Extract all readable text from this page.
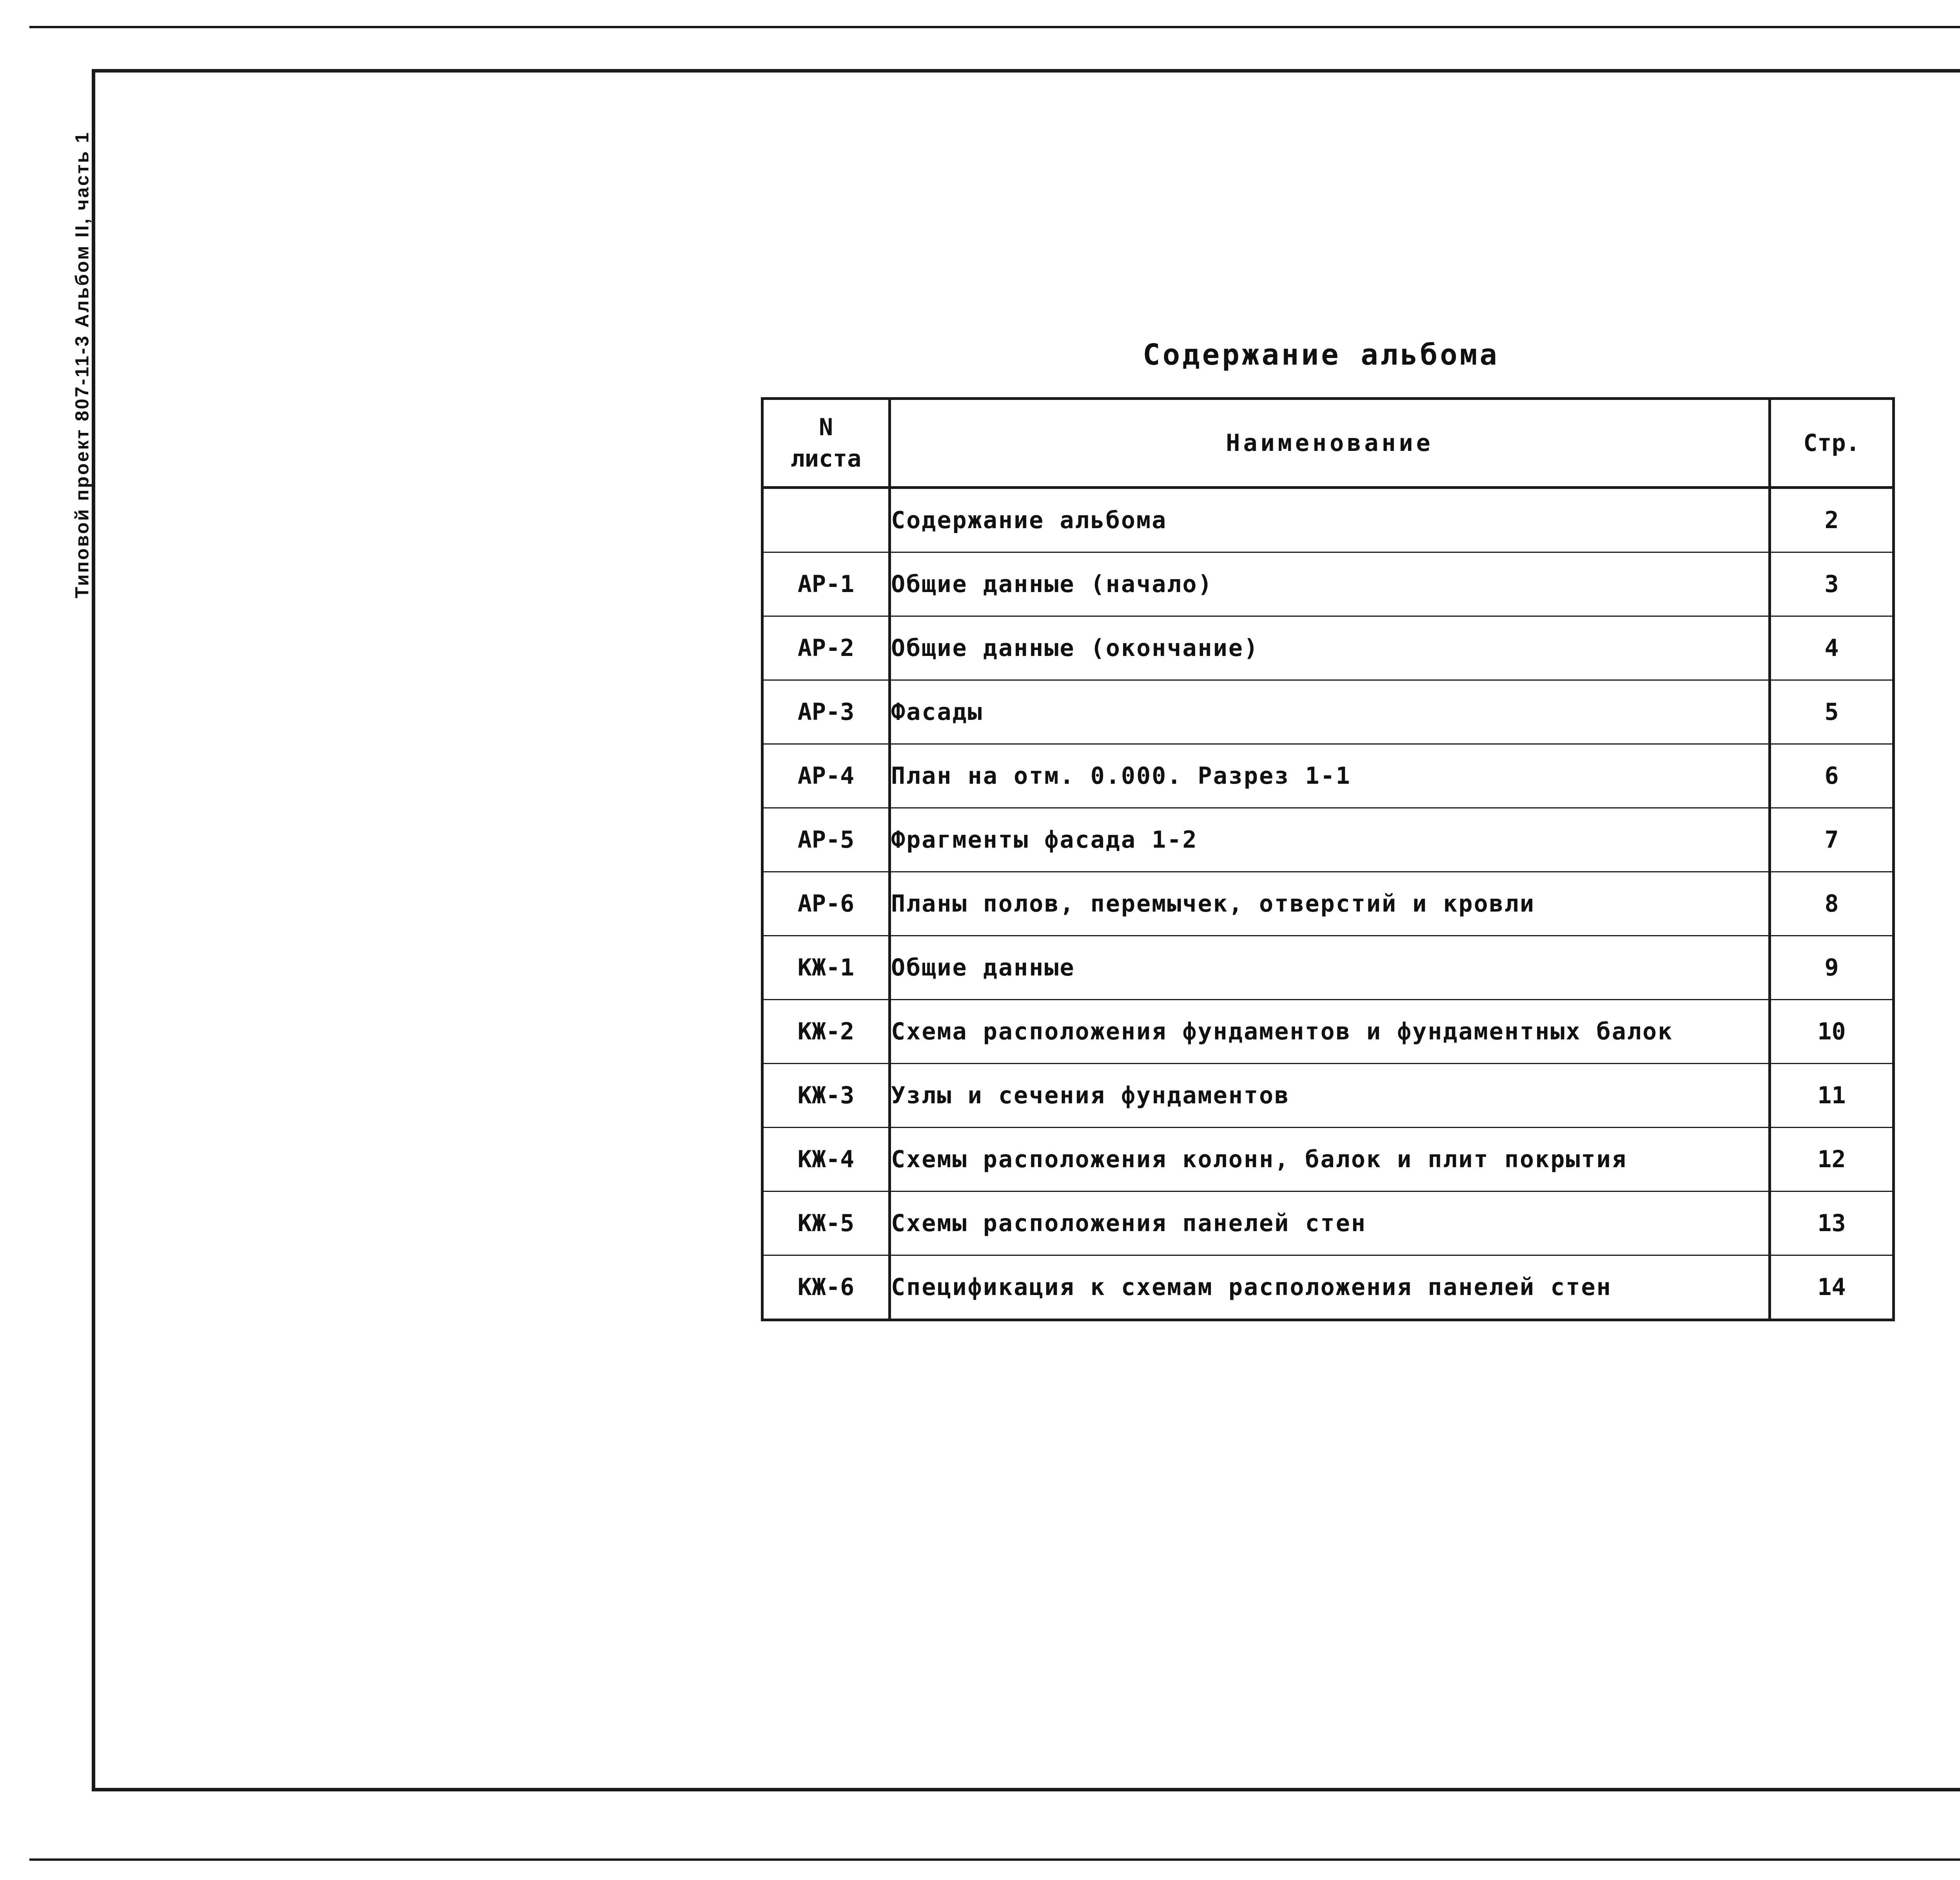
Типовой проект 807-11-3 Альбом II, часть 1	Содержание альбома
N
листа	Наименование	Стр.
	Содержание альбома	2
АР-1	Общие данные (начало)	3
АР-2	Общие данные (окончание)	4
АР-3	Фасады	5
АР-4	План на отм. 0.000. Разрез 1-1	6
АР-5	Фрагменты фасада 1-2	7
АР-6	Планы полов, перемычек, отверстий и кровли	8
КЖ-1	Общие данные	9
КЖ-2	Схема расположения фундаментов и фундаментных балок	10
КЖ-3	Узлы и сечения фундаментов	11
КЖ-4	Схемы расположения колонн, балок и плит покрытия	12
КЖ-5	Схемы расположения панелей стен	13
КЖ-6	Спецификация к схемам расположения панелей стен	14
